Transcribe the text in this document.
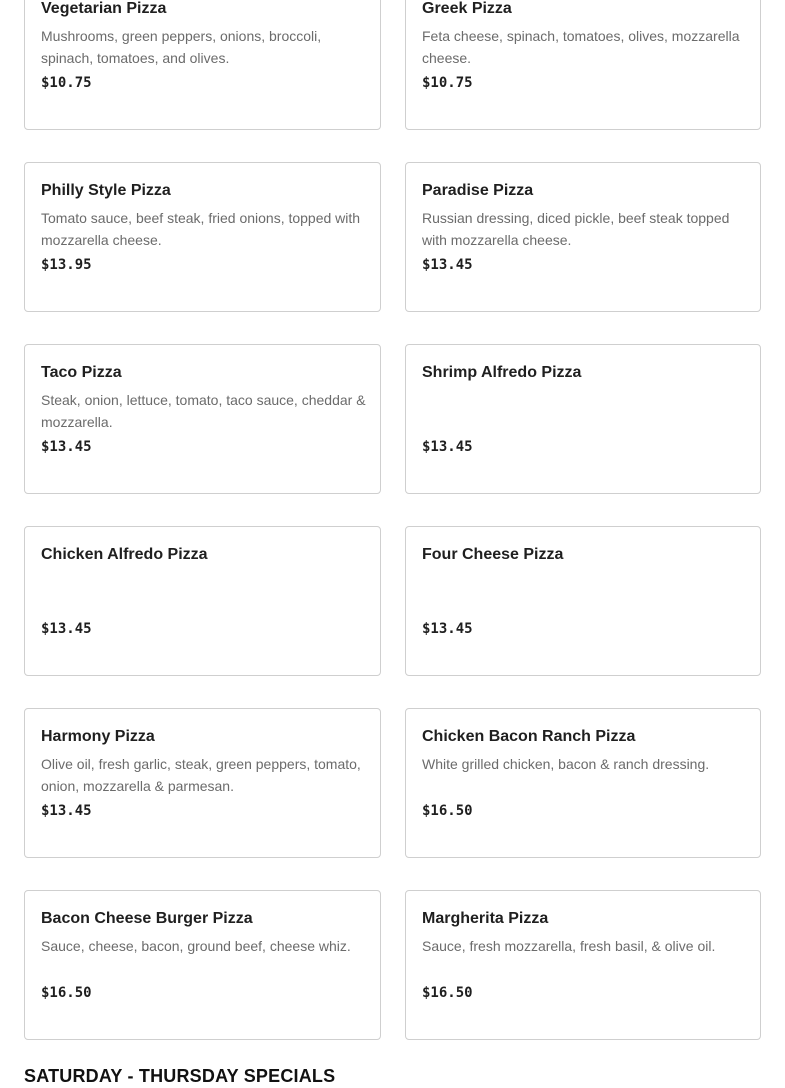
Vegetarian Pizza
Mushrooms, green peppers, onions, broccoli, spinach, tomatoes, and olives.
$10.75
Greek Pizza
Feta cheese, spinach, tomatoes, olives, mozzarella cheese.
$10.75
Philly Style Pizza
Tomato sauce, beef steak, fried onions, topped with mozzarella cheese.
$13.95
Paradise Pizza
Russian dressing, diced pickle, beef steak topped with mozzarella cheese.
$13.45
Taco Pizza
Steak, onion, lettuce, tomato, taco sauce, cheddar & mozzarella.
$13.45
Shrimp Alfredo Pizza
$13.45
Chicken Alfredo Pizza
$13.45
Four Cheese Pizza
$13.45
Harmony Pizza
Olive oil, fresh garlic, steak, green peppers, tomato, onion, mozzarella & parmesan.
$13.45
Chicken Bacon Ranch Pizza
White grilled chicken, bacon & ranch dressing.
$16.50
Bacon Cheese Burger Pizza
Sauce, cheese, bacon, ground beef, cheese whiz.
$16.50
Margherita Pizza
Sauce, fresh mozzarella, fresh basil, & olive oil.
$16.50
SATURDAY - THURSDAY SPECIALS
